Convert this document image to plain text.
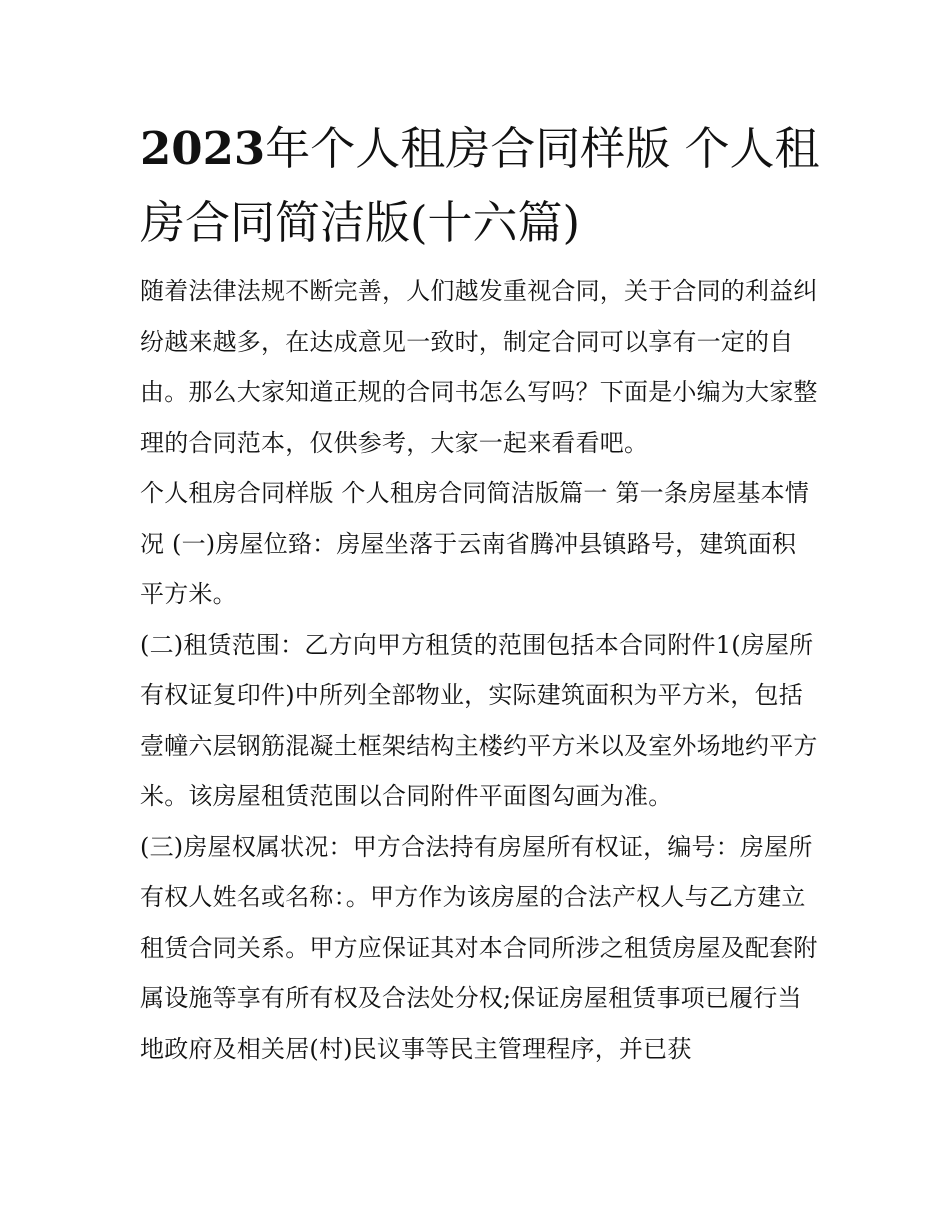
2023年个人租房合同样版 个人租房合同简洁版(十六篇)

随着法律法规不断完善，人们越发重视合同，关于合同的利益纠纷越来越多，在达成意见一致时，制定合同可以享有一定的自由。那么大家知道正规的合同书怎么写吗？下面是小编为大家整理的合同范本，仅供参考，大家一起来看看吧。

个人租房合同样版 个人租房合同简洁版篇一 第一条房屋基本情况 (一)房屋位臵：房屋坐落于云南省腾冲县镇路号，建筑面积平方米。

(二)租赁范围：乙方向甲方租赁的范围包括本合同附件1(房屋所有权证复印件)中所列全部物业，实际建筑面积为平方米，包括壹幢六层钢筋混凝土框架结构主楼约平方米以及室外场地约平方米。该房屋租赁范围以合同附件平面图勾画为准。

(三)房屋权属状况：甲方合法持有房屋所有权证，编号：房屋所有权人姓名或名称：。甲方作为该房屋的合法产权人与乙方建立租赁合同关系。甲方应保证其对本合同所涉之租赁房屋及配套附属设施等享有所有权及合法处分权;保证房屋租赁事项已履行当地政府及相关居(村)民议事等民主管理程序，并已获
